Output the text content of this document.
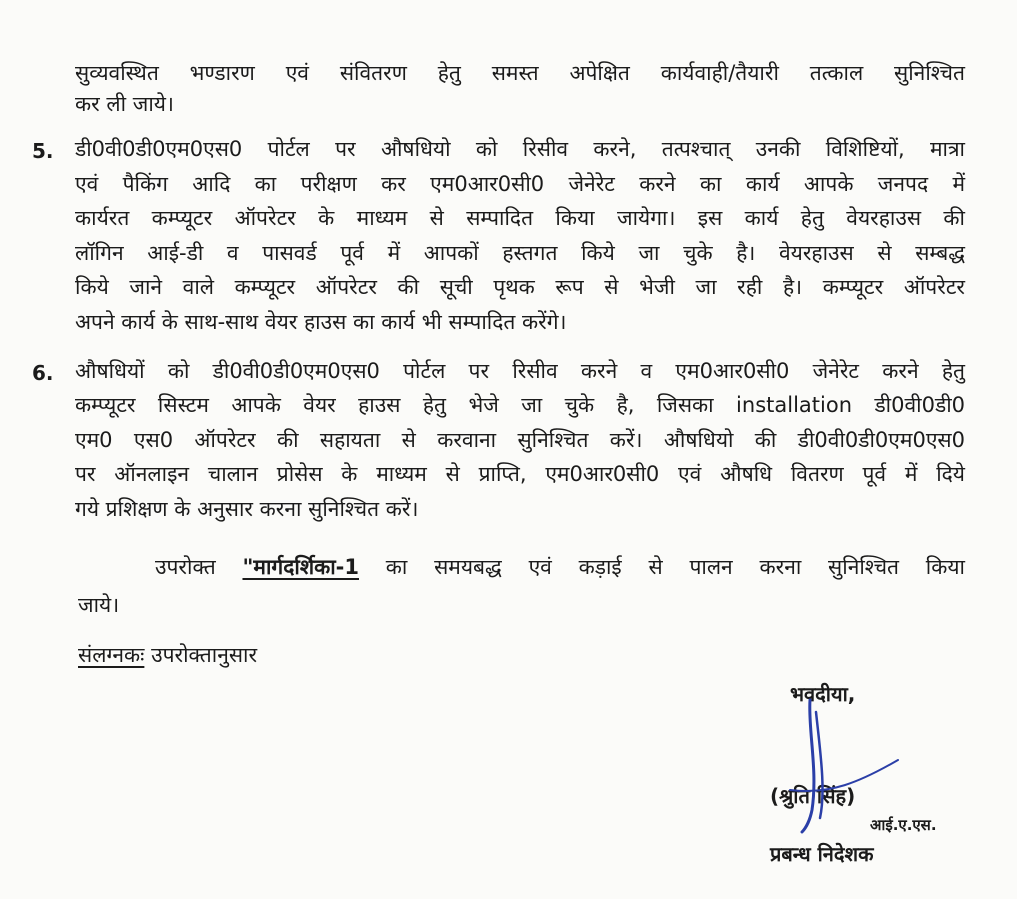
सुव्यवस्थित भण्डारण एवं संवितरण हेतु समस्त अपेक्षित कार्यवाही/तैयारी तत्काल सुनिश्चित
कर ली जाये।
5. डी0वी0डी0एम0एस0 पोर्टल पर औषधियो को रिसीव करने, तत्पश्चात् उनकी विशिष्टियों, मात्रा
एवं पैकिंग आदि का परीक्षण कर एम0आर0सी0 जेनेरेट करने का कार्य आपके जनपद में
कार्यरत कम्प्यूटर ऑपरेटर के माध्यम से सम्पादित किया जायेगा। इस कार्य हेतु वेयरहाउस की
लॉगिन आई-डी व पासवर्ड पूर्व में आपकों हस्तगत किये जा चुके है। वेयरहाउस से सम्बद्ध
किये जाने वाले कम्प्यूटर ऑपरेटर की सूची पृथक रूप से भेजी जा रही है। कम्प्यूटर ऑपरेटर
अपने कार्य के साथ-साथ वेयर हाउस का कार्य भी सम्पादित करेंगे।
6. औषधियों को डी0वी0डी0एम0एस0 पोर्टल पर रिसीव करने व एम0आर0सी0 जेनेरेट करने हेतु
कम्प्यूटर सिस्टम आपके वेयर हाउस हेतु भेजे जा चुके है, जिसका installation डी0वी0डी0
एम0 एस0 ऑपरेटर की सहायता से करवाना सुनिश्चित करें। औषधियो की डी0वी0डी0एम0एस0
पर ऑनलाइन चालान प्रोसेस के माध्यम से प्राप्ति, एम0आर0सी0 एवं औषधि वितरण पूर्व में दिये
गये प्रशिक्षण के अनुसार करना सुनिश्चित करें।
उपरोक्त "मार्गदर्शिका-1 का समयबद्ध एवं कड़ाई से पालन करना सुनिश्चित किया
जाये।
संलग्नकः उपरोक्तानुसार
भवदीया,
(श्रुति सिंह)
आई.ए.एस.
प्रबन्ध निदेशक
